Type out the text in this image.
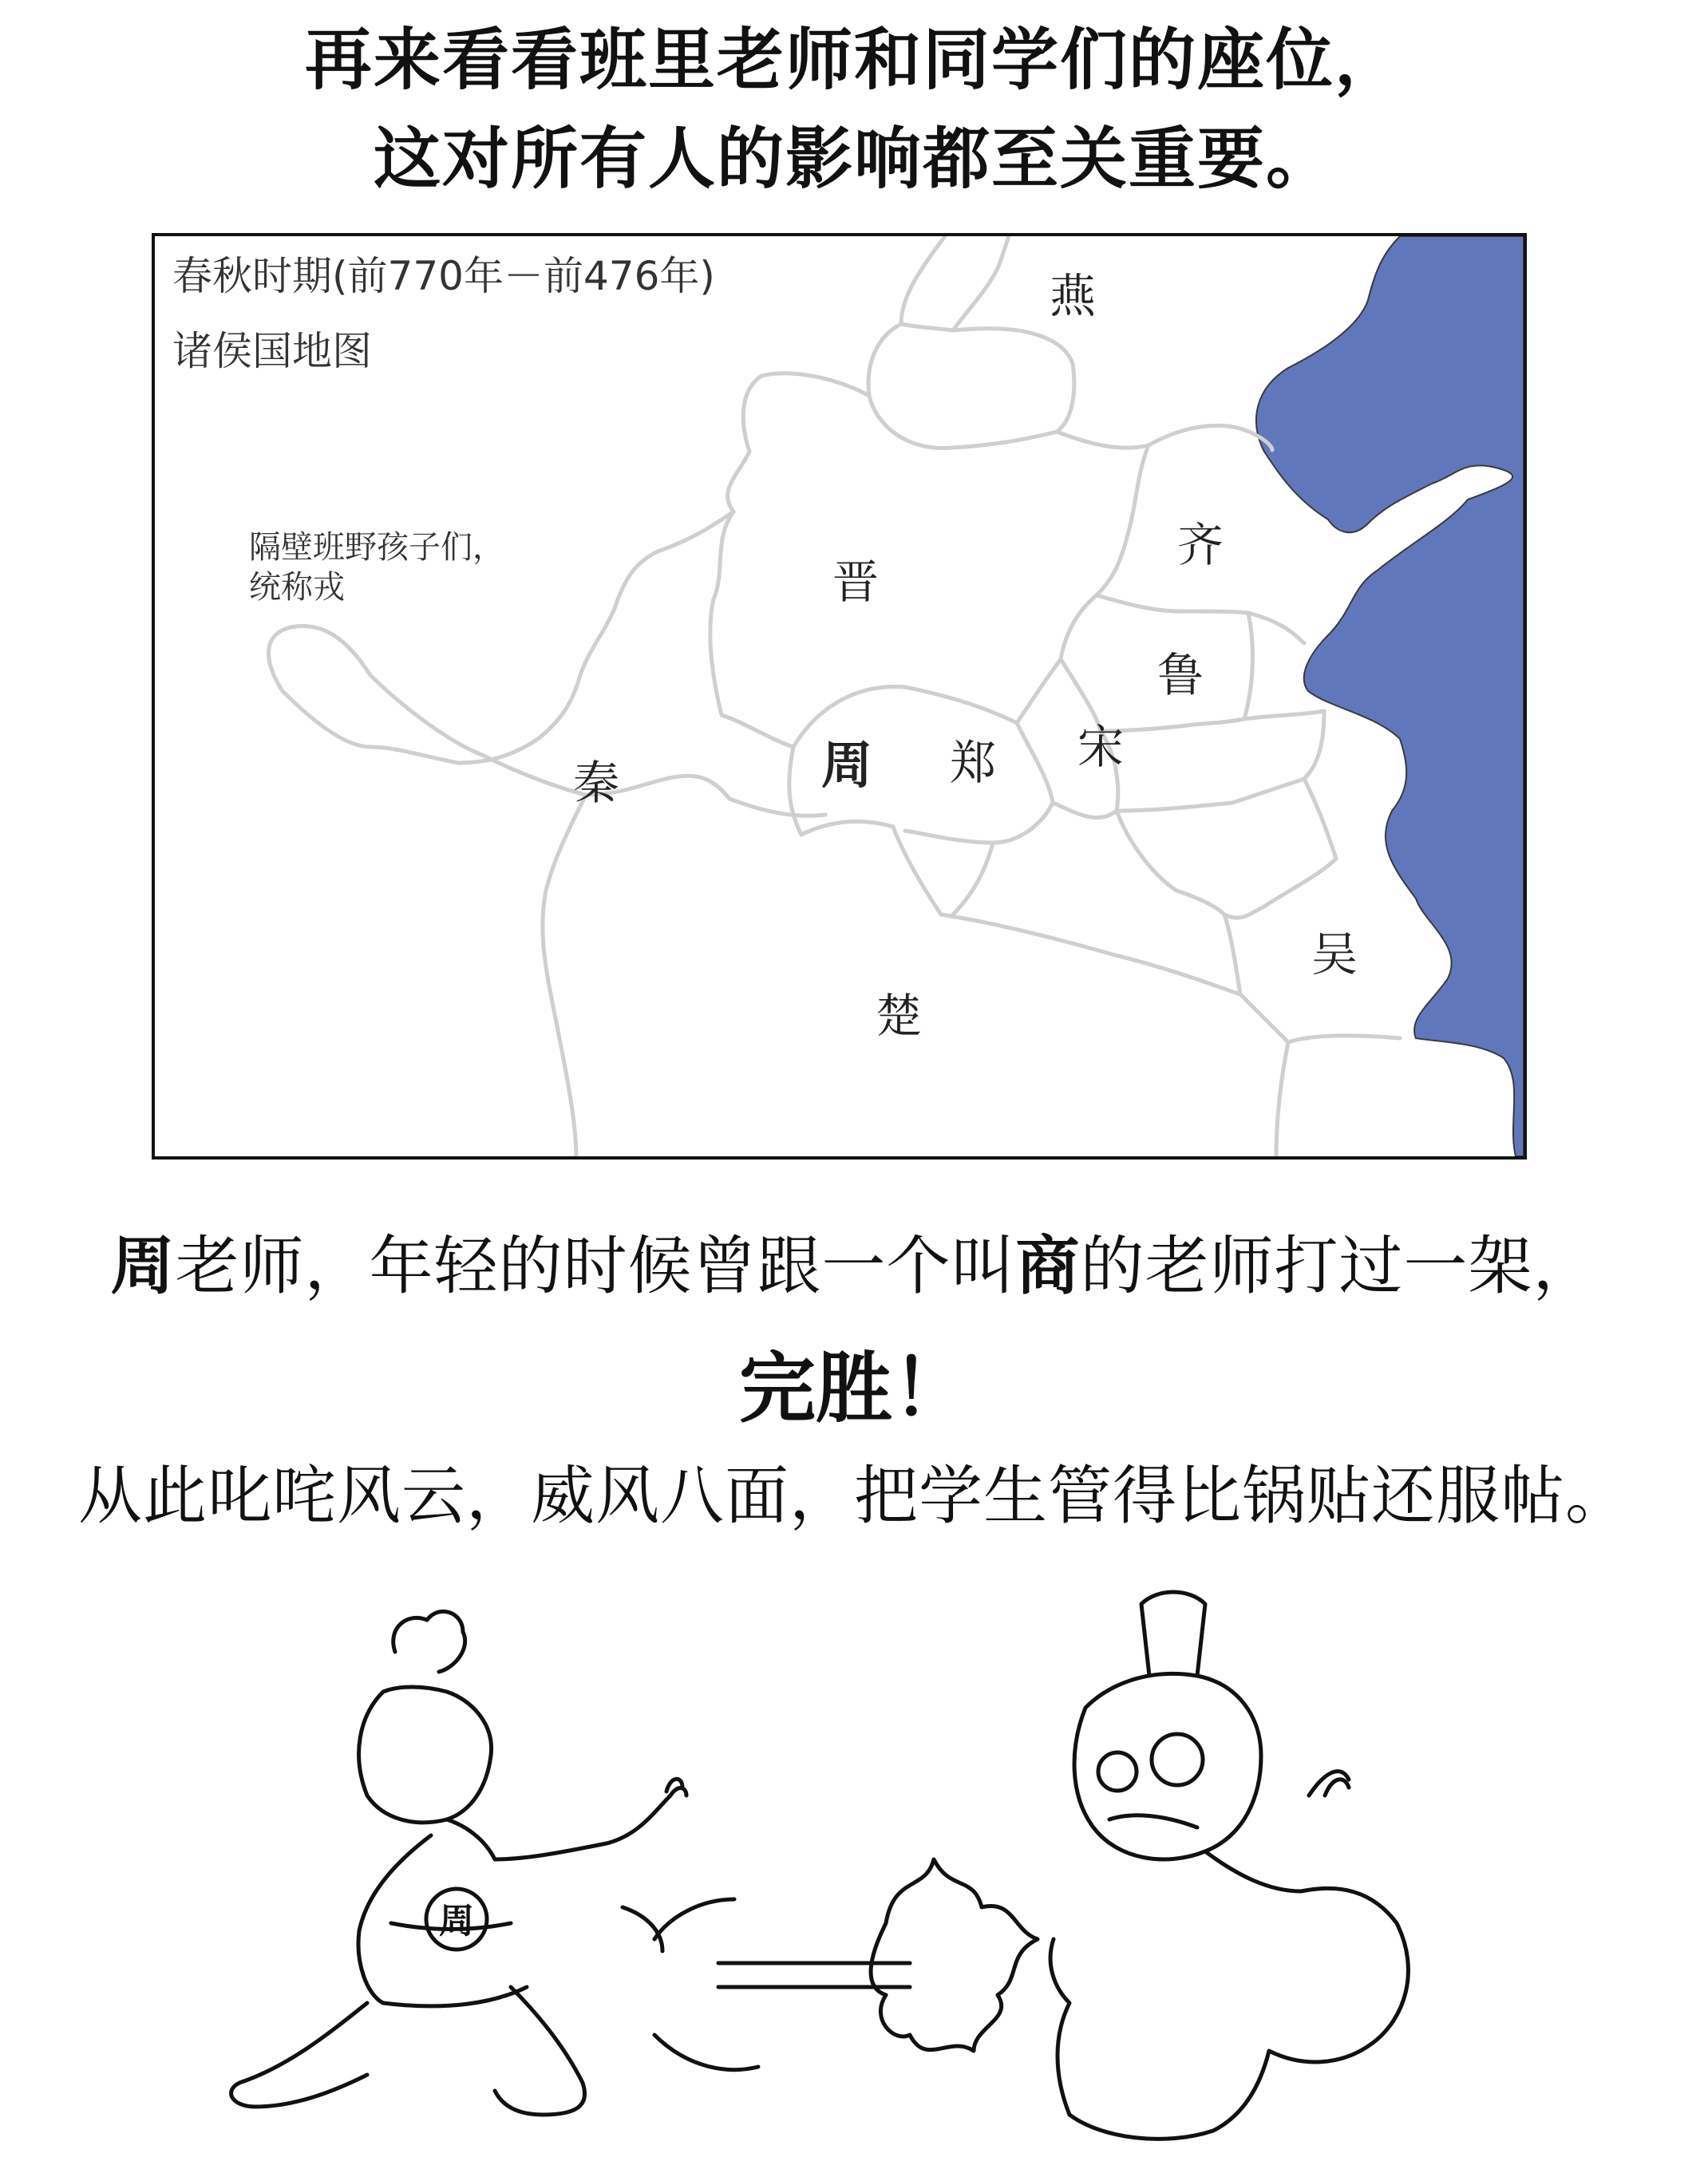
再来看看班里老师和同学们的座位，
这对所有人的影响都至关重要。
春秋时期(前770年－前476年)
诸侯国地图
隔壁班野孩子们，
统称戎
燕
齐
晋
鲁
宋
郑
周
秦
吴
楚
周老师，年轻的时候曾跟一个叫商的老师打过一架，
完胜！
从此叱咤风云，威风八面，把学生管得比锅贴还服帖。
周
